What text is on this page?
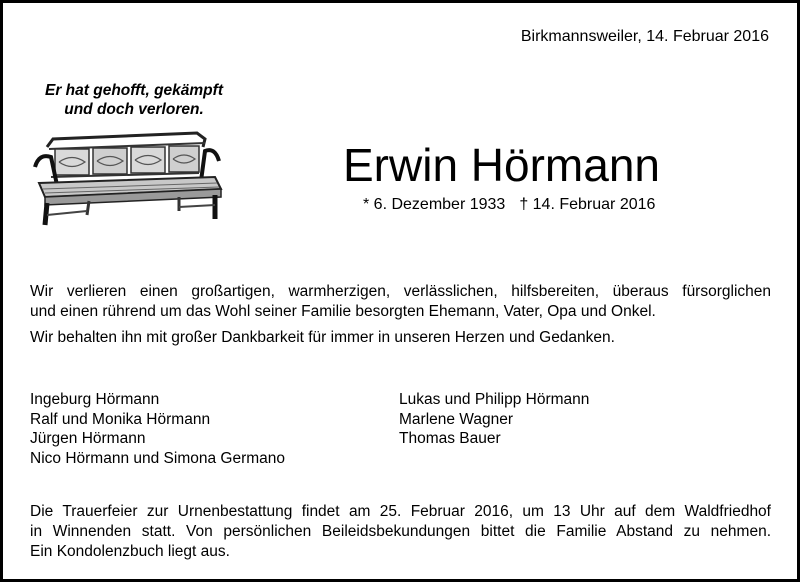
Birkmannsweiler, 14. Februar 2016
Er hat gehofft, gekämpft
und doch verloren.
Erwin Hörmann
* 6. Dezember 1933 † 14. Februar 2016
Wir verlieren einen großartigen, warmherzigen, verlässlichen, hilfsbereiten, überaus fürsorglichen
und einen rührend um das Wohl seiner Familie besorgten Ehemann, Vater, Opa und Onkel.
Wir behalten ihn mit großer Dankbarkeit für immer in unseren Herzen und Gedanken.
Ingeburg Hörmann
Ralf und Monika Hörmann
Jürgen Hörmann
Nico Hörmann und Simona Germano
Lukas und Philipp Hörmann
Marlene Wagner
Thomas Bauer
Die Trauerfeier zur Urnenbestattung findet am 25. Februar 2016, um 13 Uhr auf dem Waldfriedhof
in Winnenden statt. Von persönlichen Beileidsbekundungen bittet die Familie Abstand zu nehmen.
Ein Kondolenzbuch liegt aus.
